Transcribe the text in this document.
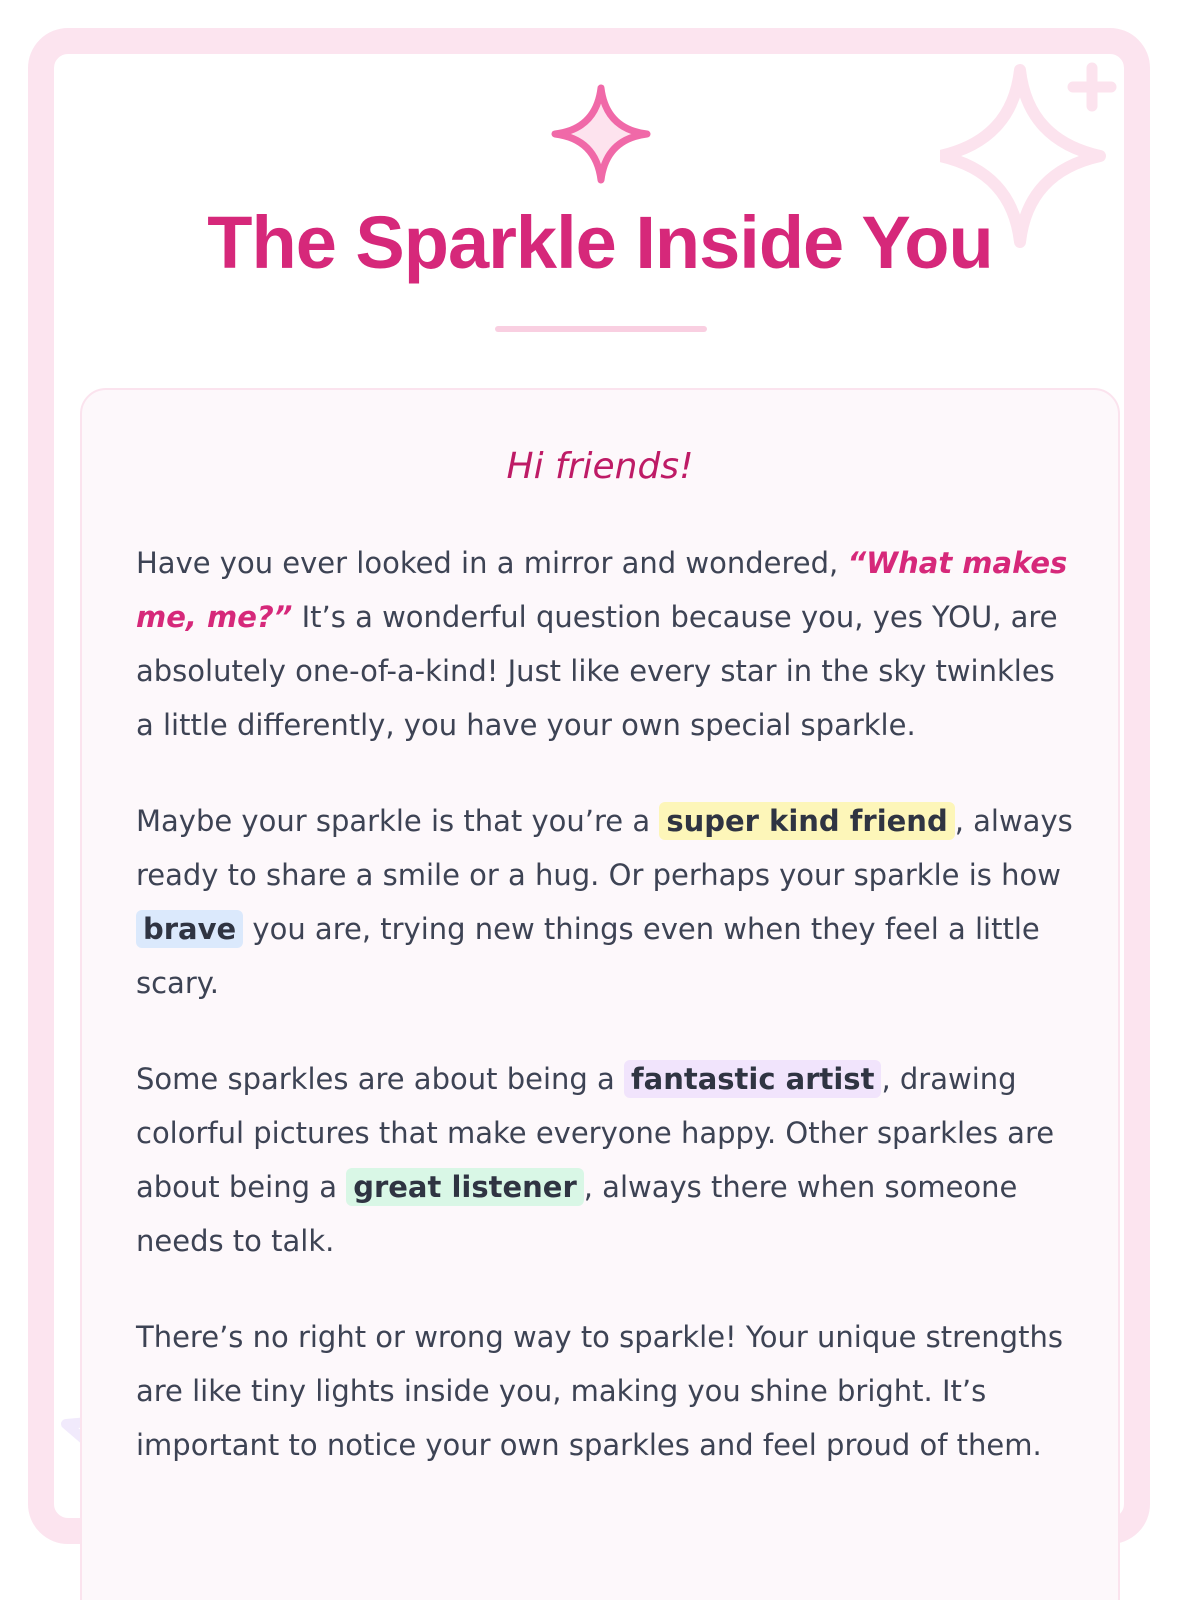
The Sparkle Inside You
Hi friends!

Have you ever looked in a mirror and wondered, “What makes me, me?” It’s a wonderful question because you, yes YOU, are absolutely one-of-a-kind! Just like every star in the sky twinkles a little differently, you have your own special sparkle.

Maybe your sparkle is that you’re a super kind friend , always ready to share a smile or a hug. Or perhaps your sparkle is how brave you are, trying new things even when they feel a little scary.

Some sparkles are about being a fantastic artist , drawing colorful pictures that make everyone happy. Other sparkles are about being a great listener , always there when someone needs to talk.

There’s no right or wrong way to sparkle! Your unique strengths are like tiny lights inside you, making you shine bright. It’s important to notice your own sparkles and feel proud of them.
